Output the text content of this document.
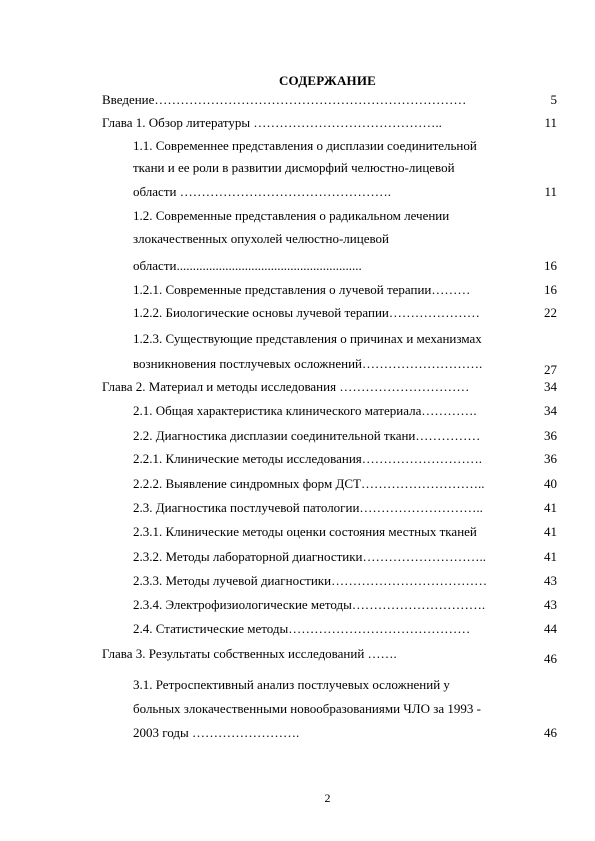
СОДЕРЖАНИЕ
Введение………………………………………………………………	5
Глава 1. Обзор литературы ……………………………………..	11
1.1. Современнее представления о дисплазии соединительной
ткани и ее роли в развитии дисморфий челюстно-лицевой
области ………………………………………….	11
1.2. Современные представления о радикальном лечении
злокачественных опухолей челюстно-лицевой
области.........................................................	16
1.2.1. Современные представления о лучевой терапии………	16
1.2.2. Биологические основы лучевой терапии…………………	22
1.2.3. Существующие представления о причинах и механизмах
возникновения постлучевых осложнений……………………….	27
Глава 2. Материал и методы исследования …………………………	34
2.1. Общая характеристика клинического материала………….	34
2.2. Диагностика дисплазии соединительной ткани……………	36
2.2.1. Клинические методы исследования……………………….	36
2.2.2. Выявление синдромных форм ДСТ………………………..	40
2.3. Диагностика постлучевой патологии………………………..	41
2.3.1. Клинические методы оценки состояния местных тканей	41
2.3.2. Методы лабораторной диагностики………………………..	41
2.3.3. Методы лучевой диагностики………………………………	43
2.3.4. Электрофизиологические методы………………………….	43
2.4. Статистические методы……………………………………	44
Глава 3. Результаты собственных исследований …….	46
3.1. Ретроспективный анализ постлучевых осложнений у
больных злокачественными новообразованиями ЧЛО за 1993 -
2003 годы …………………….	46
2
